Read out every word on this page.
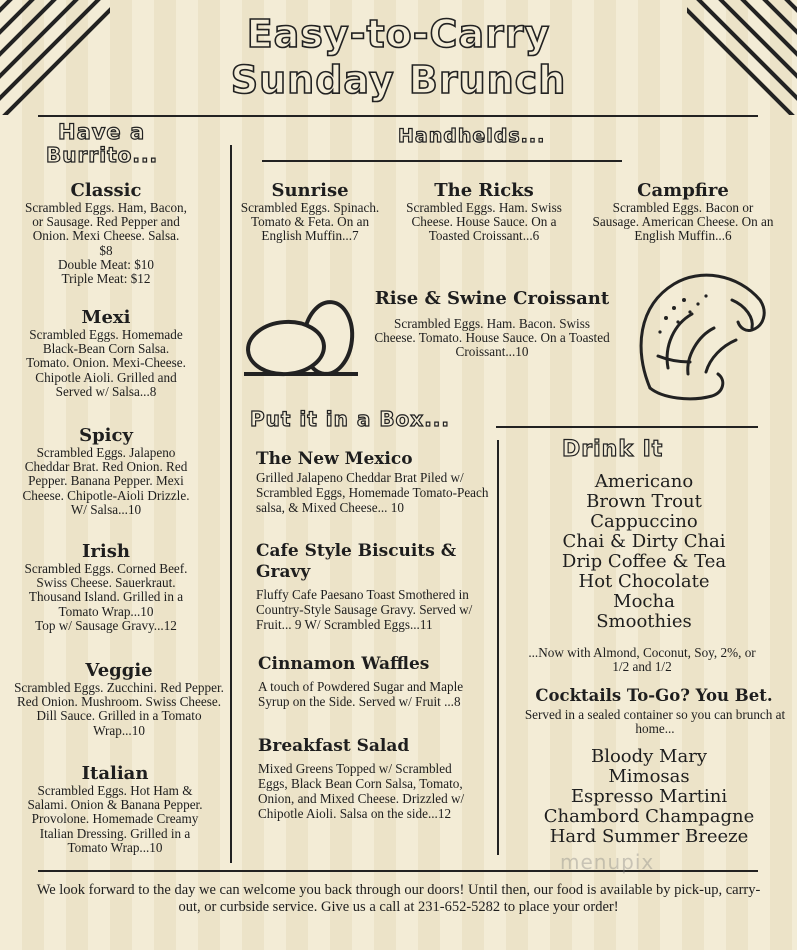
Easy-to-Carry
Sunday Brunch
Have a
Burrito...
Classic
Scrambled Eggs. Ham, Bacon, or Sausage. Red Pepper and Onion. Mexi Cheese. Salsa.
$8
Double Meat: $10
Triple Meat: $12
Mexi
Scrambled Eggs. Homemade Black-Bean Corn Salsa. Tomato. Onion. Mexi-Cheese. Chipotle Aioli. Grilled and Served w/ Salsa...8
Spicy
Scrambled Eggs. Jalapeno Cheddar Brat. Red Onion. Red Pepper. Banana Pepper. Mexi Cheese. Chipotle-Aioli Drizzle. W/ Salsa...10
Irish
Scrambled Eggs. Corned Beef. Swiss Cheese. Sauerkraut. Thousand Island. Grilled in a Tomato Wrap...10
Top w/ Sausage Gravy...12
Veggie
Scrambled Eggs. Zucchini. Red Pepper. Red Onion. Mushroom. Swiss Cheese. Dill Sauce. Grilled in a Tomato Wrap...10
Italian
Scrambled Eggs. Hot Ham & Salami. Onion & Banana Pepper. Provolone. Homemade Creamy Italian Dressing. Grilled in a Tomato Wrap...10
Handhelds...
Sunrise
Scrambled Eggs. Spinach. Tomato & Feta. On an English Muffin...7
The Ricks
Scrambled Eggs. Ham. Swiss Cheese. House Sauce. On a Toasted Croissant...6
Campfire
Scrambled Eggs. Bacon or Sausage. American Cheese. On an English Muffin...6
Rise & Swine Croissant
Scrambled Eggs. Ham. Bacon. Swiss Cheese. Tomato. House Sauce. On a Toasted Croissant...10
Put it in a Box...
The New Mexico
Grilled Jalapeno Cheddar Brat Piled w/ Scrambled Eggs, Homemade Tomato-Peach salsa, & Mixed Cheese... 10
Cafe Style Biscuits & Gravy
Fluffy Cafe Paesano Toast Smothered in Country-Style Sausage Gravy. Served w/ Fruit... 9 W/ Scrambled Eggs...11
Cinnamon Waffles
A touch of Powdered Sugar and Maple Syrup on the Side. Served w/ Fruit ...8
Breakfast Salad
Mixed Greens Topped w/ Scrambled Eggs, Black Bean Corn Salsa, Tomato, Onion, and Mixed Cheese. Drizzled w/ Chipotle Aioli. Salsa on the side...12
Drink It
Americano
Brown Trout
Cappuccino
Chai & Dirty Chai
Drip Coffee & Tea
Hot Chocolate
Mocha
Smoothies
...Now with Almond, Coconut, Soy, 2%, or 1/2 and 1/2
Cocktails To-Go? You Bet.
Served in a sealed container so you can brunch at home...
Bloody Mary
Mimosas
Espresso Martini
Chambord Champagne
Hard Summer Breeze
menupix
We look forward to the day we can welcome you back through our doors! Until then, our food is available by pick-up, carry-out, or curbside service. Give us a call at 231-652-5282 to place your order!
